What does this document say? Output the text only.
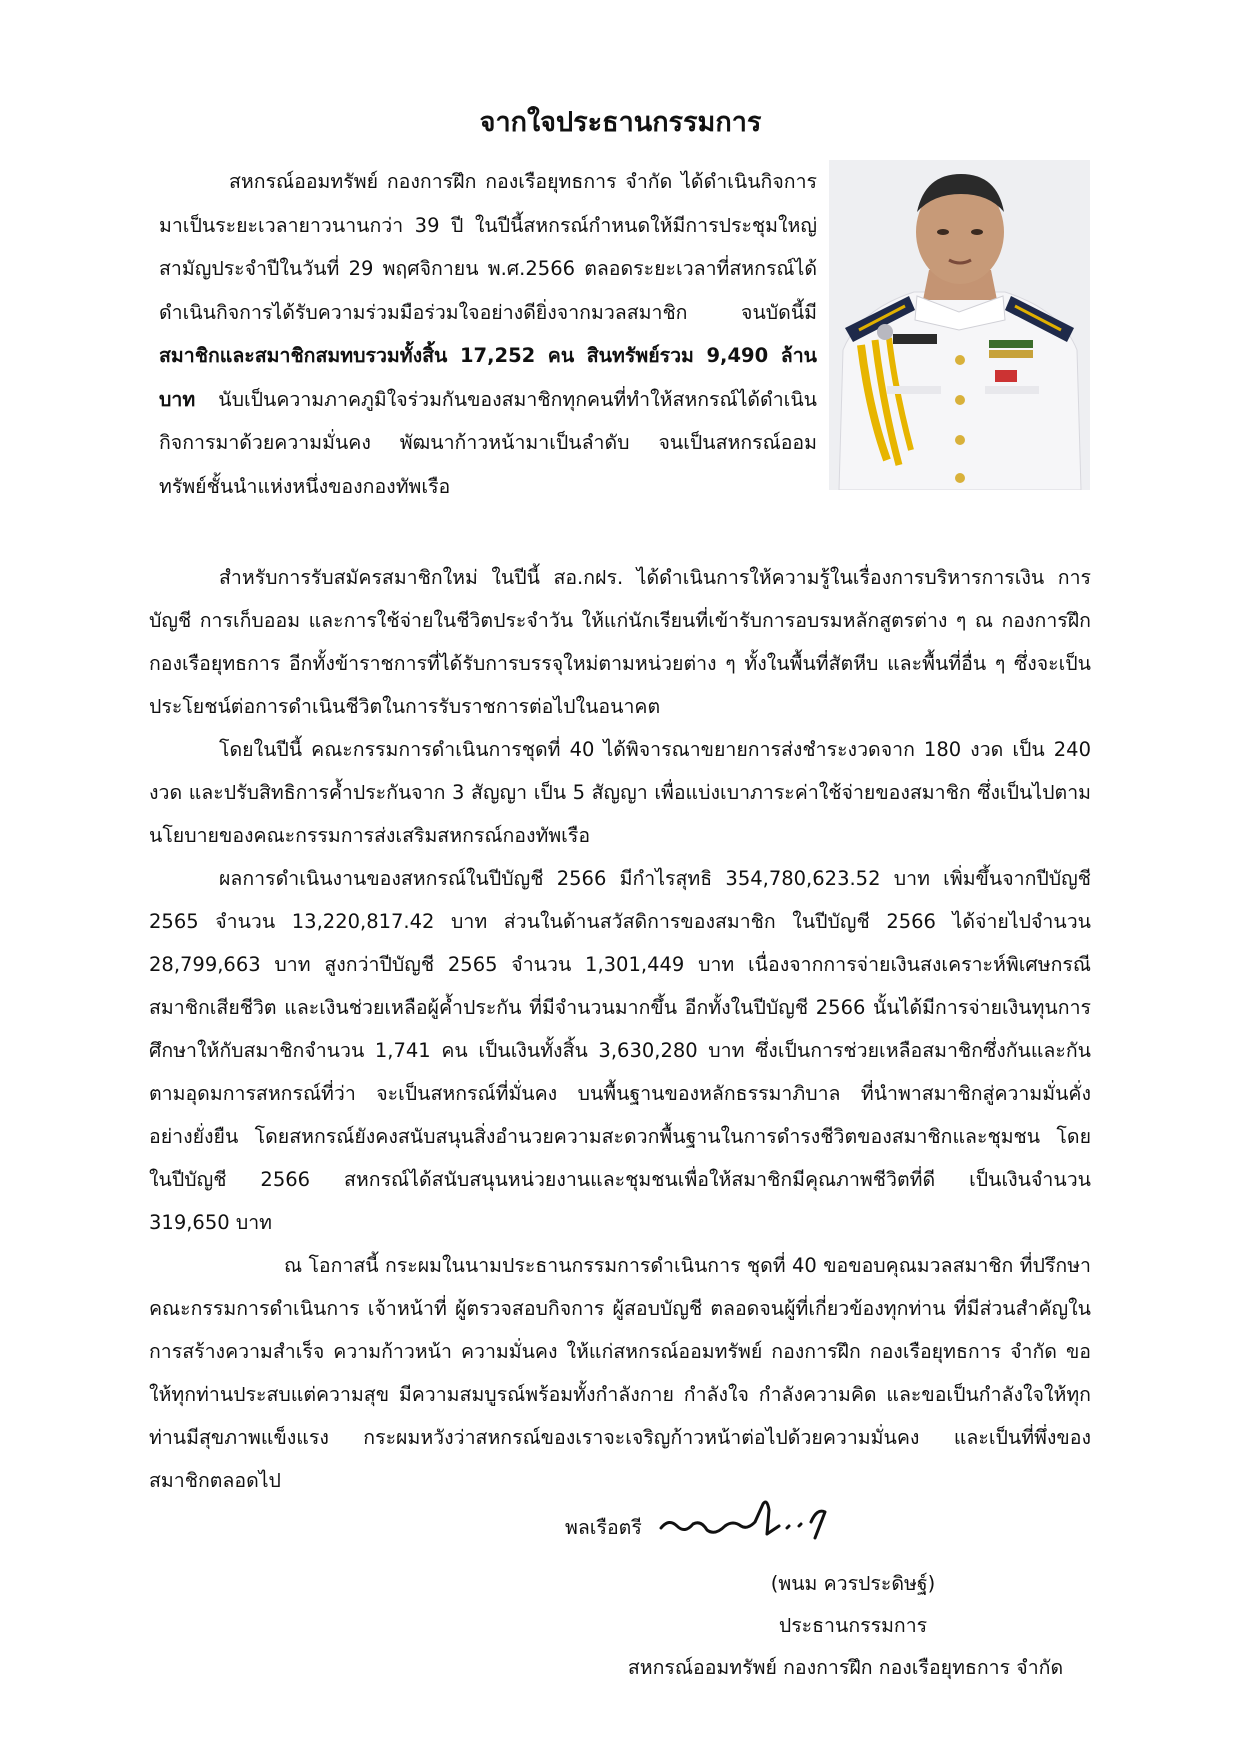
จากใจประธานกรรมการ

สหกรณ์ออมทรัพย์ กองการฝึก กองเรือยุทธการ จำกัด ได้ดำเนินกิจการมาเป็นระยะเวลายาวนานกว่า 39 ปี ในปีนี้สหกรณ์กำหนดให้มีการประชุมใหญ่สามัญประจำปีในวันที่ 29 พฤศจิกายน พ.ศ.2566 ตลอดระยะเวลาที่สหกรณ์ได้ดำเนินกิจการได้รับความร่วมมือร่วมใจอย่างดียิ่งจากมวลสมาชิก จนบัดนี้มีสมาชิกและสมาชิกสมทบรวมทั้งสิ้น 17,252 คน สินทรัพย์รวม 9,490 ล้านบาท นับเป็นความภาคภูมิใจร่วมกันของสมาชิกทุกคนที่ทำให้สหกรณ์ได้ดำเนินกิจการมาด้วยความมั่นคง พัฒนาก้าวหน้ามาเป็นลำดับ จนเป็นสหกรณ์ออมทรัพย์ชั้นนำแห่งหนึ่งของกองทัพเรือ

สำหรับการรับสมัครสมาชิกใหม่ ในปีนี้ สอ.กฝร. ได้ดำเนินการให้ความรู้ในเรื่องการบริหารการเงิน การบัญชี การเก็บออม และการใช้จ่ายในชีวิตประจำวัน ให้แก่นักเรียนที่เข้ารับการอบรมหลักสูตรต่าง ๆ ณ กองการฝึก กองเรือยุทธการ อีกทั้งข้าราชการที่ได้รับการบรรจุใหม่ตามหน่วยต่าง ๆ ทั้งในพื้นที่สัตหีบ และพื้นที่อื่น ๆ ซึ่งจะเป็นประโยชน์ต่อการดำเนินชีวิตในการรับราชการต่อไปในอนาคต

โดยในปีนี้ คณะกรรมการดำเนินการชุดที่ 40 ได้พิจารณาขยายการส่งชำระงวดจาก 180 งวด เป็น 240 งวด และปรับสิทธิการค้ำประกันจาก 3 สัญญา เป็น 5 สัญญา เพื่อแบ่งเบาภาระค่าใช้จ่ายของสมาชิก ซึ่งเป็นไปตามนโยบายของคณะกรรมการส่งเสริมสหกรณ์กองทัพเรือ

ผลการดำเนินงานของสหกรณ์ในปีบัญชี 2566 มีกำไรสุทธิ 354,780,623.52 บาท เพิ่มขึ้นจากปีบัญชี 2565 จำนวน 13,220,817.42 บาท ส่วนในด้านสวัสดิการของสมาชิก ในปีบัญชี 2566 ได้จ่ายไปจำนวน 28,799,663 บาท สูงกว่าปีบัญชี 2565 จำนวน 1,301,449 บาท เนื่องจากการจ่ายเงินสงเคราะห์พิเศษกรณีสมาชิกเสียชีวิต และเงินช่วยเหลือผู้ค้ำประกัน ที่มีจำนวนมากขึ้น อีกทั้งในปีบัญชี 2566 นั้นได้มีการจ่ายเงินทุนการศึกษาให้กับสมาชิกจำนวน 1,741 คน เป็นเงินทั้งสิ้น 3,630,280 บาท ซึ่งเป็นการช่วยเหลือสมาชิกซึ่งกันและกันตามอุดมการสหกรณ์ที่ว่า จะเป็นสหกรณ์ที่มั่นคง บนพื้นฐานของหลักธรรมาภิบาล ที่นำพาสมาชิกสู่ความมั่นคั่งอย่างยั่งยืน โดยสหกรณ์ยังคงสนับสนุนสิ่งอำนวยความสะดวกพื้นฐานในการดำรงชีวิตของสมาชิกและชุมชน โดยในปีบัญชี 2566 สหกรณ์ได้สนับสนุนหน่วยงานและชุมชนเพื่อให้สมาชิกมีคุณภาพชีวิตที่ดี เป็นเงินจำนวน 319,650 บาท

ณ โอกาสนี้ กระผมในนามประธานกรรมการดำเนินการ ชุดที่ 40 ขอขอบคุณมวลสมาชิก ที่ปรึกษา คณะกรรมการดำเนินการ เจ้าหน้าที่ ผู้ตรวจสอบกิจการ ผู้สอบบัญชี ตลอดจนผู้ที่เกี่ยวข้องทุกท่าน ที่มีส่วนสำคัญในการสร้างความสำเร็จ ความก้าวหน้า ความมั่นคง ให้แก่สหกรณ์ออมทรัพย์ กองการฝึก กองเรือยุทธการ จำกัด ขอให้ทุกท่านประสบแต่ความสุข มีความสมบูรณ์พร้อมทั้งกำลังกาย กำลังใจ กำลังความคิด และขอเป็นกำลังใจให้ทุกท่านมีสุขภาพแข็งแรง กระผมหวังว่าสหกรณ์ของเราจะเจริญก้าวหน้าต่อไปด้วยความมั่นคง และเป็นที่พึ่งของสมาชิกตลอดไป

พลเรือตรี
(พนม ควรประดิษฐ์)
ประธานกรรมการ
สหกรณ์ออมทรัพย์ กองการฝึก กองเรือยุทธการ จำกัด
